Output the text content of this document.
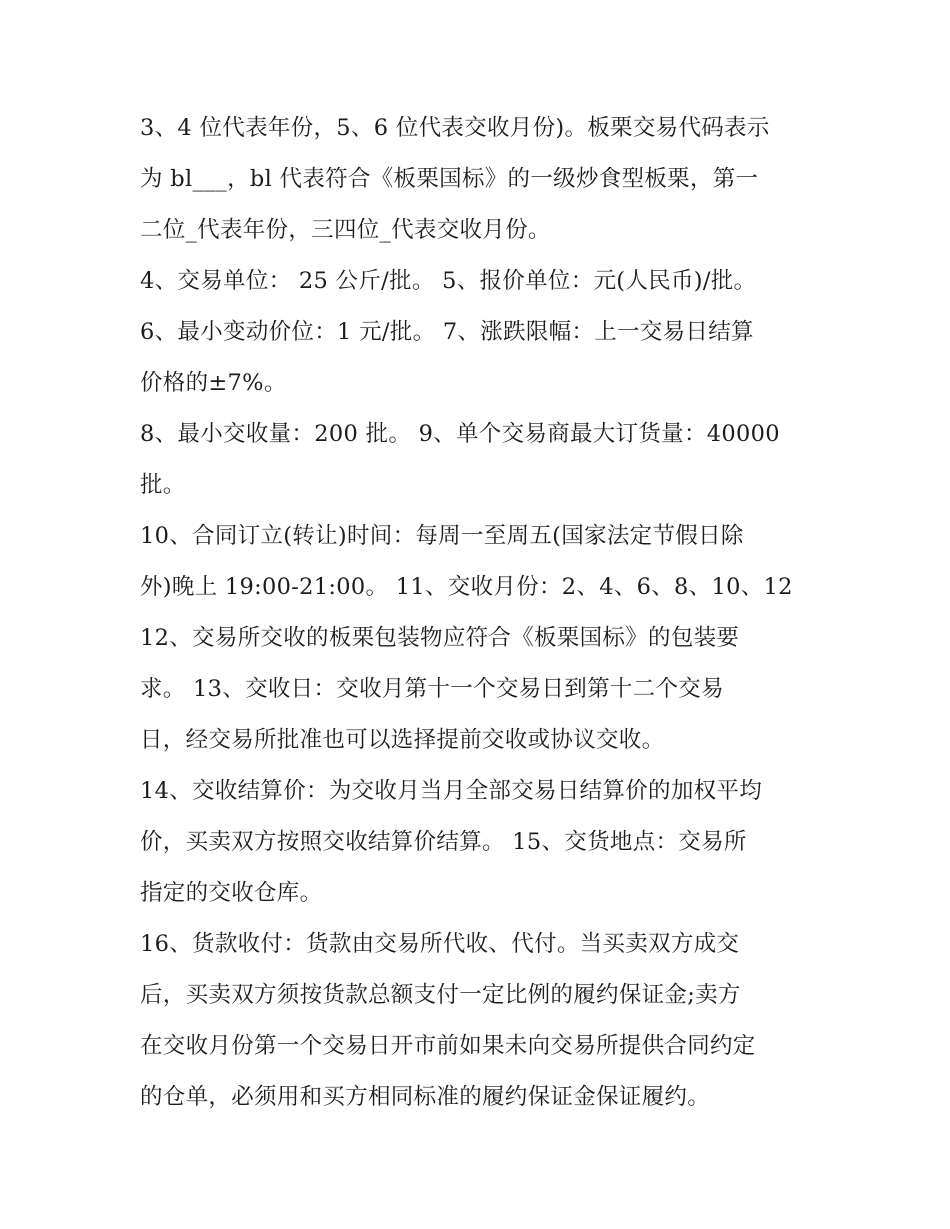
3、4 位代表年份，5、6 位代表交收月份)。板栗交易代码表示
为 bl___，bl 代表符合《板栗国标》的一级炒食型板栗，第一
二位_代表年份，三四位_代表交收月份。
4、交易单位： 25 公斤/批。 5、报价单位：元(人民币)/批。
6、最小变动价位：1 元/批。 7、涨跌限幅：上一交易日结算
价格的±7%。
8、最小交收量：200 批。 9、单个交易商最大订货量：40000
批。
10、合同订立(转让)时间：每周一至周五(国家法定节假日除
外)晚上 19:00-21:00。 11、交收月份：2、4、6、8、10、12
12、交易所交收的板栗包装物应符合《板栗国标》的包装要
求。 13、交收日：交收月第十一个交易日到第十二个交易
日，经交易所批准也可以选择提前交收或协议交收。
14、交收结算价：为交收月当月全部交易日结算价的加权平均
价，买卖双方按照交收结算价结算。 15、交货地点：交易所
指定的交收仓库。
16、货款收付：货款由交易所代收、代付。当买卖双方成交
后，买卖双方须按货款总额支付一定比例的履约保证金;卖方
在交收月份第一个交易日开市前如果未向交易所提供合同约定
的仓单，必须用和买方相同标准的履约保证金保证履约。
